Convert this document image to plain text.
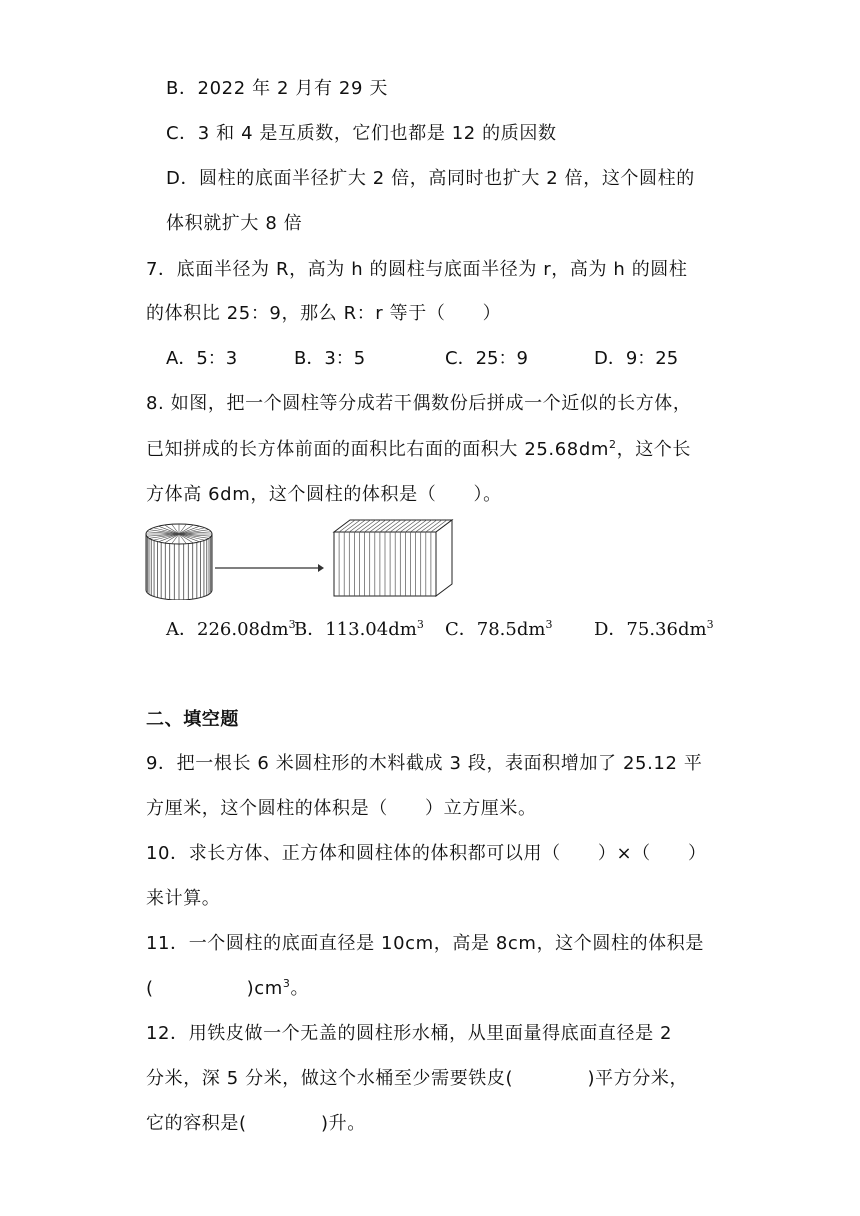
B．2022 年 2 月有 29 天
C．3 和 4 是互质数，它们也都是 12 的质因数
D．圆柱的底面半径扩大 2 倍，高同时也扩大 2 倍，这个圆柱的
体积就扩大 8 倍
7．底面半径为 R，高为 h 的圆柱与底面半径为 r，高为 h 的圆柱
的体积比 25：9，那么 R：r 等于（　　）
A．5：3	B．3：5	C．25：9	D．9：25
8. 如图，把一个圆柱等分成若干偶数份后拼成一个近似的长方体，
已知拼成的长方体前面的面积比右面的面积大 $25.68dm^2$，这个长
方体高 6dm，这个圆柱的体积是（　　）。
A．$226.08dm^3$
B．$113.04dm^3$ C．$78.5dm^3$ D．$75.36dm^3$
二、填空题
9．把一根长 6 米圆柱形的木料截成 3 段，表面积增加了 25.12 平
方厘米，这个圆柱的体积是（　　）立方厘米。
10．求长方体、正方体和圆柱体的体积都可以用（　　）×（　　）
来计算。
11．一个圆柱的底面直径是 10cm，高是 8cm，这个圆柱的体积是
(　　　　　)$cm^3$。
12．用铁皮做一个无盖的圆柱形水桶，从里面量得底面直径是 2
分米，深 5 分米，做这个水桶至少需要铁皮(　　　　)平方分米，
它的容积是(　　　　)升。
